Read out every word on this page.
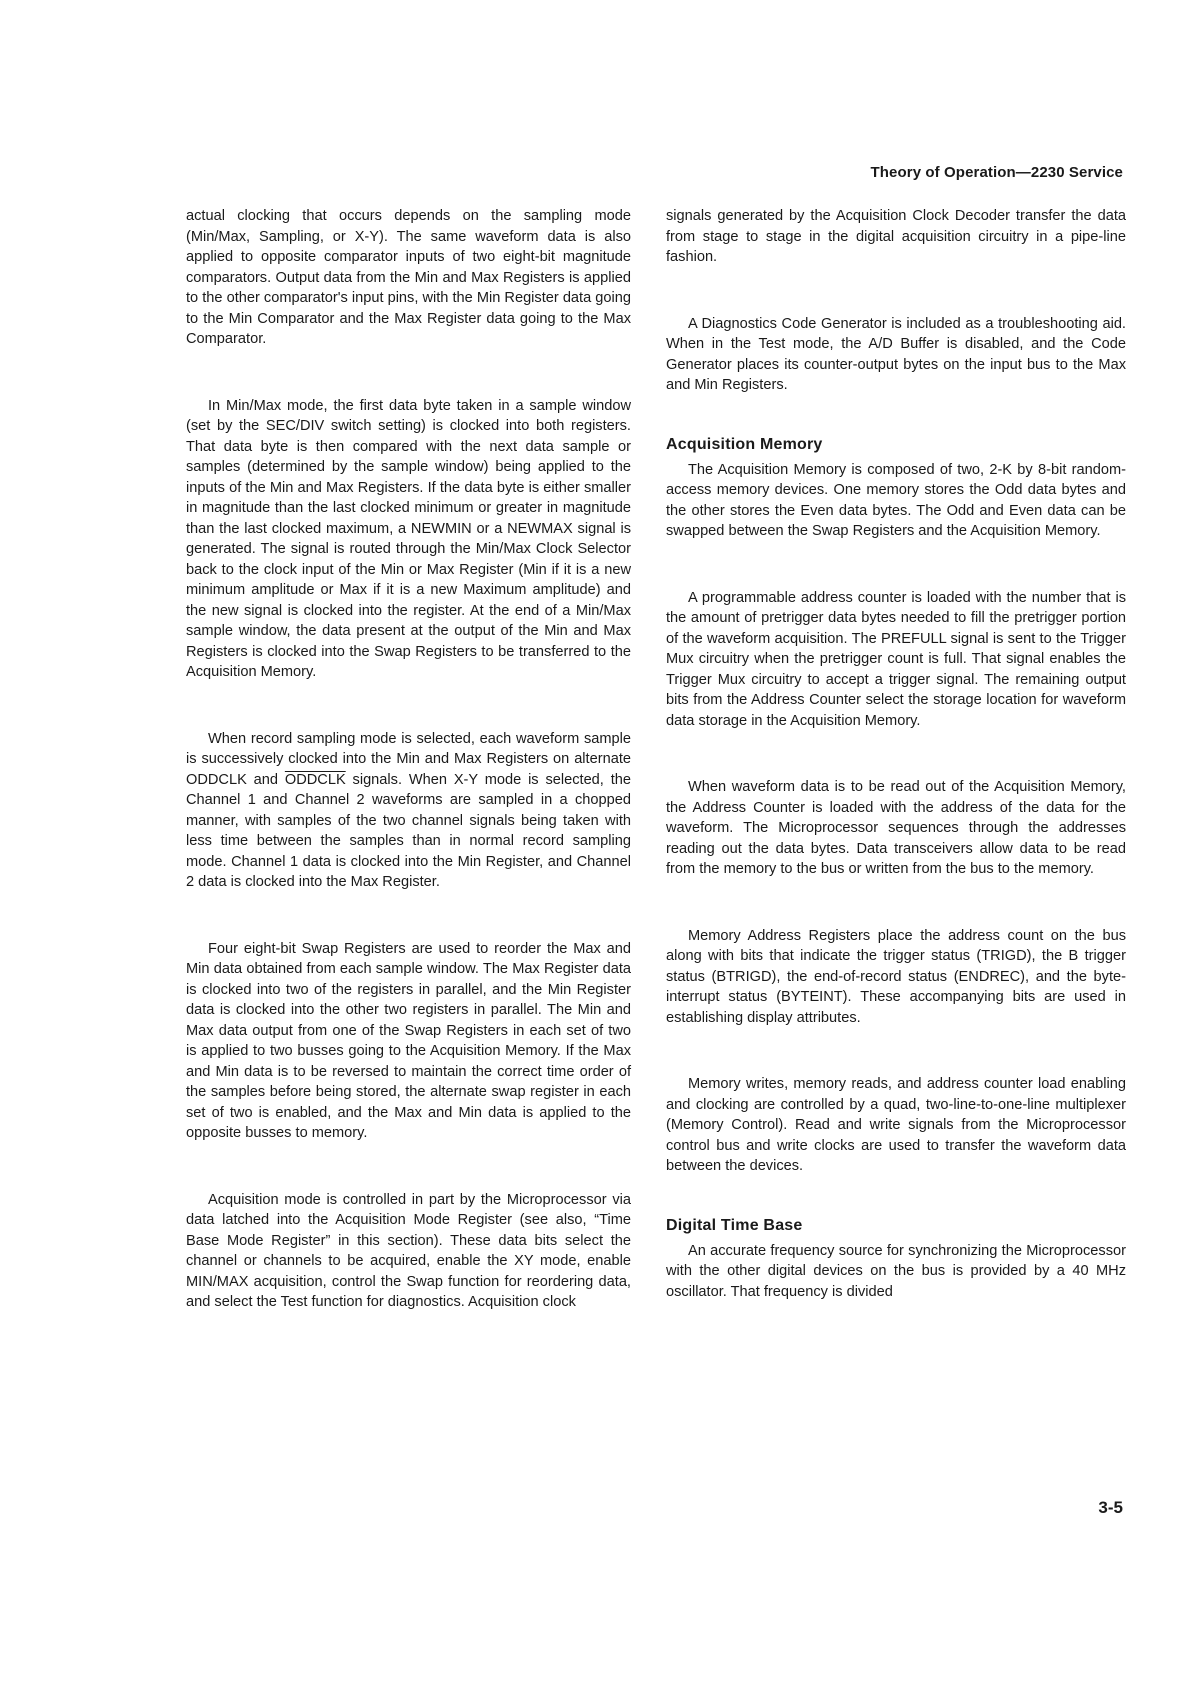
Theory of Operation—2230 Service

actual clocking that occurs depends on the sampling mode (Min/Max, Sampling, or X-Y). The same waveform data is also applied to opposite comparator inputs of two eight-bit magnitude comparators. Output data from the Min and Max Registers is applied to the other comparator's input pins, with the Min Register data going to the Min Comparator and the Max Register data going to the Max Comparator.

In Min/Max mode, the first data byte taken in a sample window (set by the SEC/DIV switch setting) is clocked into both registers. That data byte is then compared with the next data sample or samples (determined by the sample window) being applied to the inputs of the Min and Max Registers. If the data byte is either smaller in magnitude than the last clocked minimum or greater in magnitude than the last clocked maximum, a NEWMIN or a NEWMAX signal is generated. The signal is routed through the Min/Max Clock Selector back to the clock input of the Min or Max Register (Min if it is a new minimum amplitude or Max if it is a new Maximum amplitude) and the new signal is clocked into the register. At the end of a Min/Max sample window, the data present at the output of the Min and Max Registers is clocked into the Swap Registers to be transferred to the Acquisition Memory.

When record sampling mode is selected, each waveform sample is successively clocked into the Min and Max Registers on alternate ODDCLK and ODDCLK signals. When X-Y mode is selected, the Channel 1 and Channel 2 waveforms are sampled in a chopped manner, with samples of the two channel signals being taken with less time between the samples than in normal record sampling mode. Channel 1 data is clocked into the Min Register, and Channel 2 data is clocked into the Max Register.

Four eight-bit Swap Registers are used to reorder the Max and Min data obtained from each sample window. The Max Register data is clocked into two of the registers in parallel, and the Min Register data is clocked into the other two registers in parallel. The Min and Max data output from one of the Swap Registers in each set of two is applied to two busses going to the Acquisition Memory. If the Max and Min data is to be reversed to maintain the correct time order of the samples before being stored, the alternate swap register in each set of two is enabled, and the Max and Min data is applied to the opposite busses to memory.

Acquisition mode is controlled in part by the Microprocessor via data latched into the Acquisition Mode Register (see also, “Time Base Mode Register” in this section). These data bits select the channel or channels to be acquired, enable the XY mode, enable MIN/MAX acquisition, control the Swap function for reordering data, and select the Test function for diagnostics. Acquisition clock

signals generated by the Acquisition Clock Decoder transfer the data from stage to stage in the digital acquisition circuitry in a pipe-line fashion.

A Diagnostics Code Generator is included as a troubleshooting aid. When in the Test mode, the A/D Buffer is disabled, and the Code Generator places its counter-output bytes on the input bus to the Max and Min Registers.

Acquisition Memory

The Acquisition Memory is composed of two, 2-K by 8-bit random-access memory devices. One memory stores the Odd data bytes and the other stores the Even data bytes. The Odd and Even data can be swapped between the Swap Registers and the Acquisition Memory.

A programmable address counter is loaded with the number that is the amount of pretrigger data bytes needed to fill the pretrigger portion of the waveform acquisition. The PREFULL signal is sent to the Trigger Mux circuitry when the pretrigger count is full. That signal enables the Trigger Mux circuitry to accept a trigger signal. The remaining output bits from the Address Counter select the storage location for waveform data storage in the Acquisition Memory.

When waveform data is to be read out of the Acquisition Memory, the Address Counter is loaded with the address of the data for the waveform. The Microprocessor sequences through the addresses reading out the data bytes. Data transceivers allow data to be read from the memory to the bus or written from the bus to the memory.

Memory Address Registers place the address count on the bus along with bits that indicate the trigger status (TRIGD), the B trigger status (BTRIGD), the end-of-record status (ENDREC), and the byte-interrupt status (BYTEINT). These accompanying bits are used in establishing display attributes.

Memory writes, memory reads, and address counter load enabling and clocking are controlled by a quad, two-line-to-one-line multiplexer (Memory Control). Read and write signals from the Microprocessor control bus and write clocks are used to transfer the waveform data between the devices.

Digital Time Base

An accurate frequency source for synchronizing the Microprocessor with the other digital devices on the bus is provided by a 40 MHz oscillator. That frequency is divided

3-5
